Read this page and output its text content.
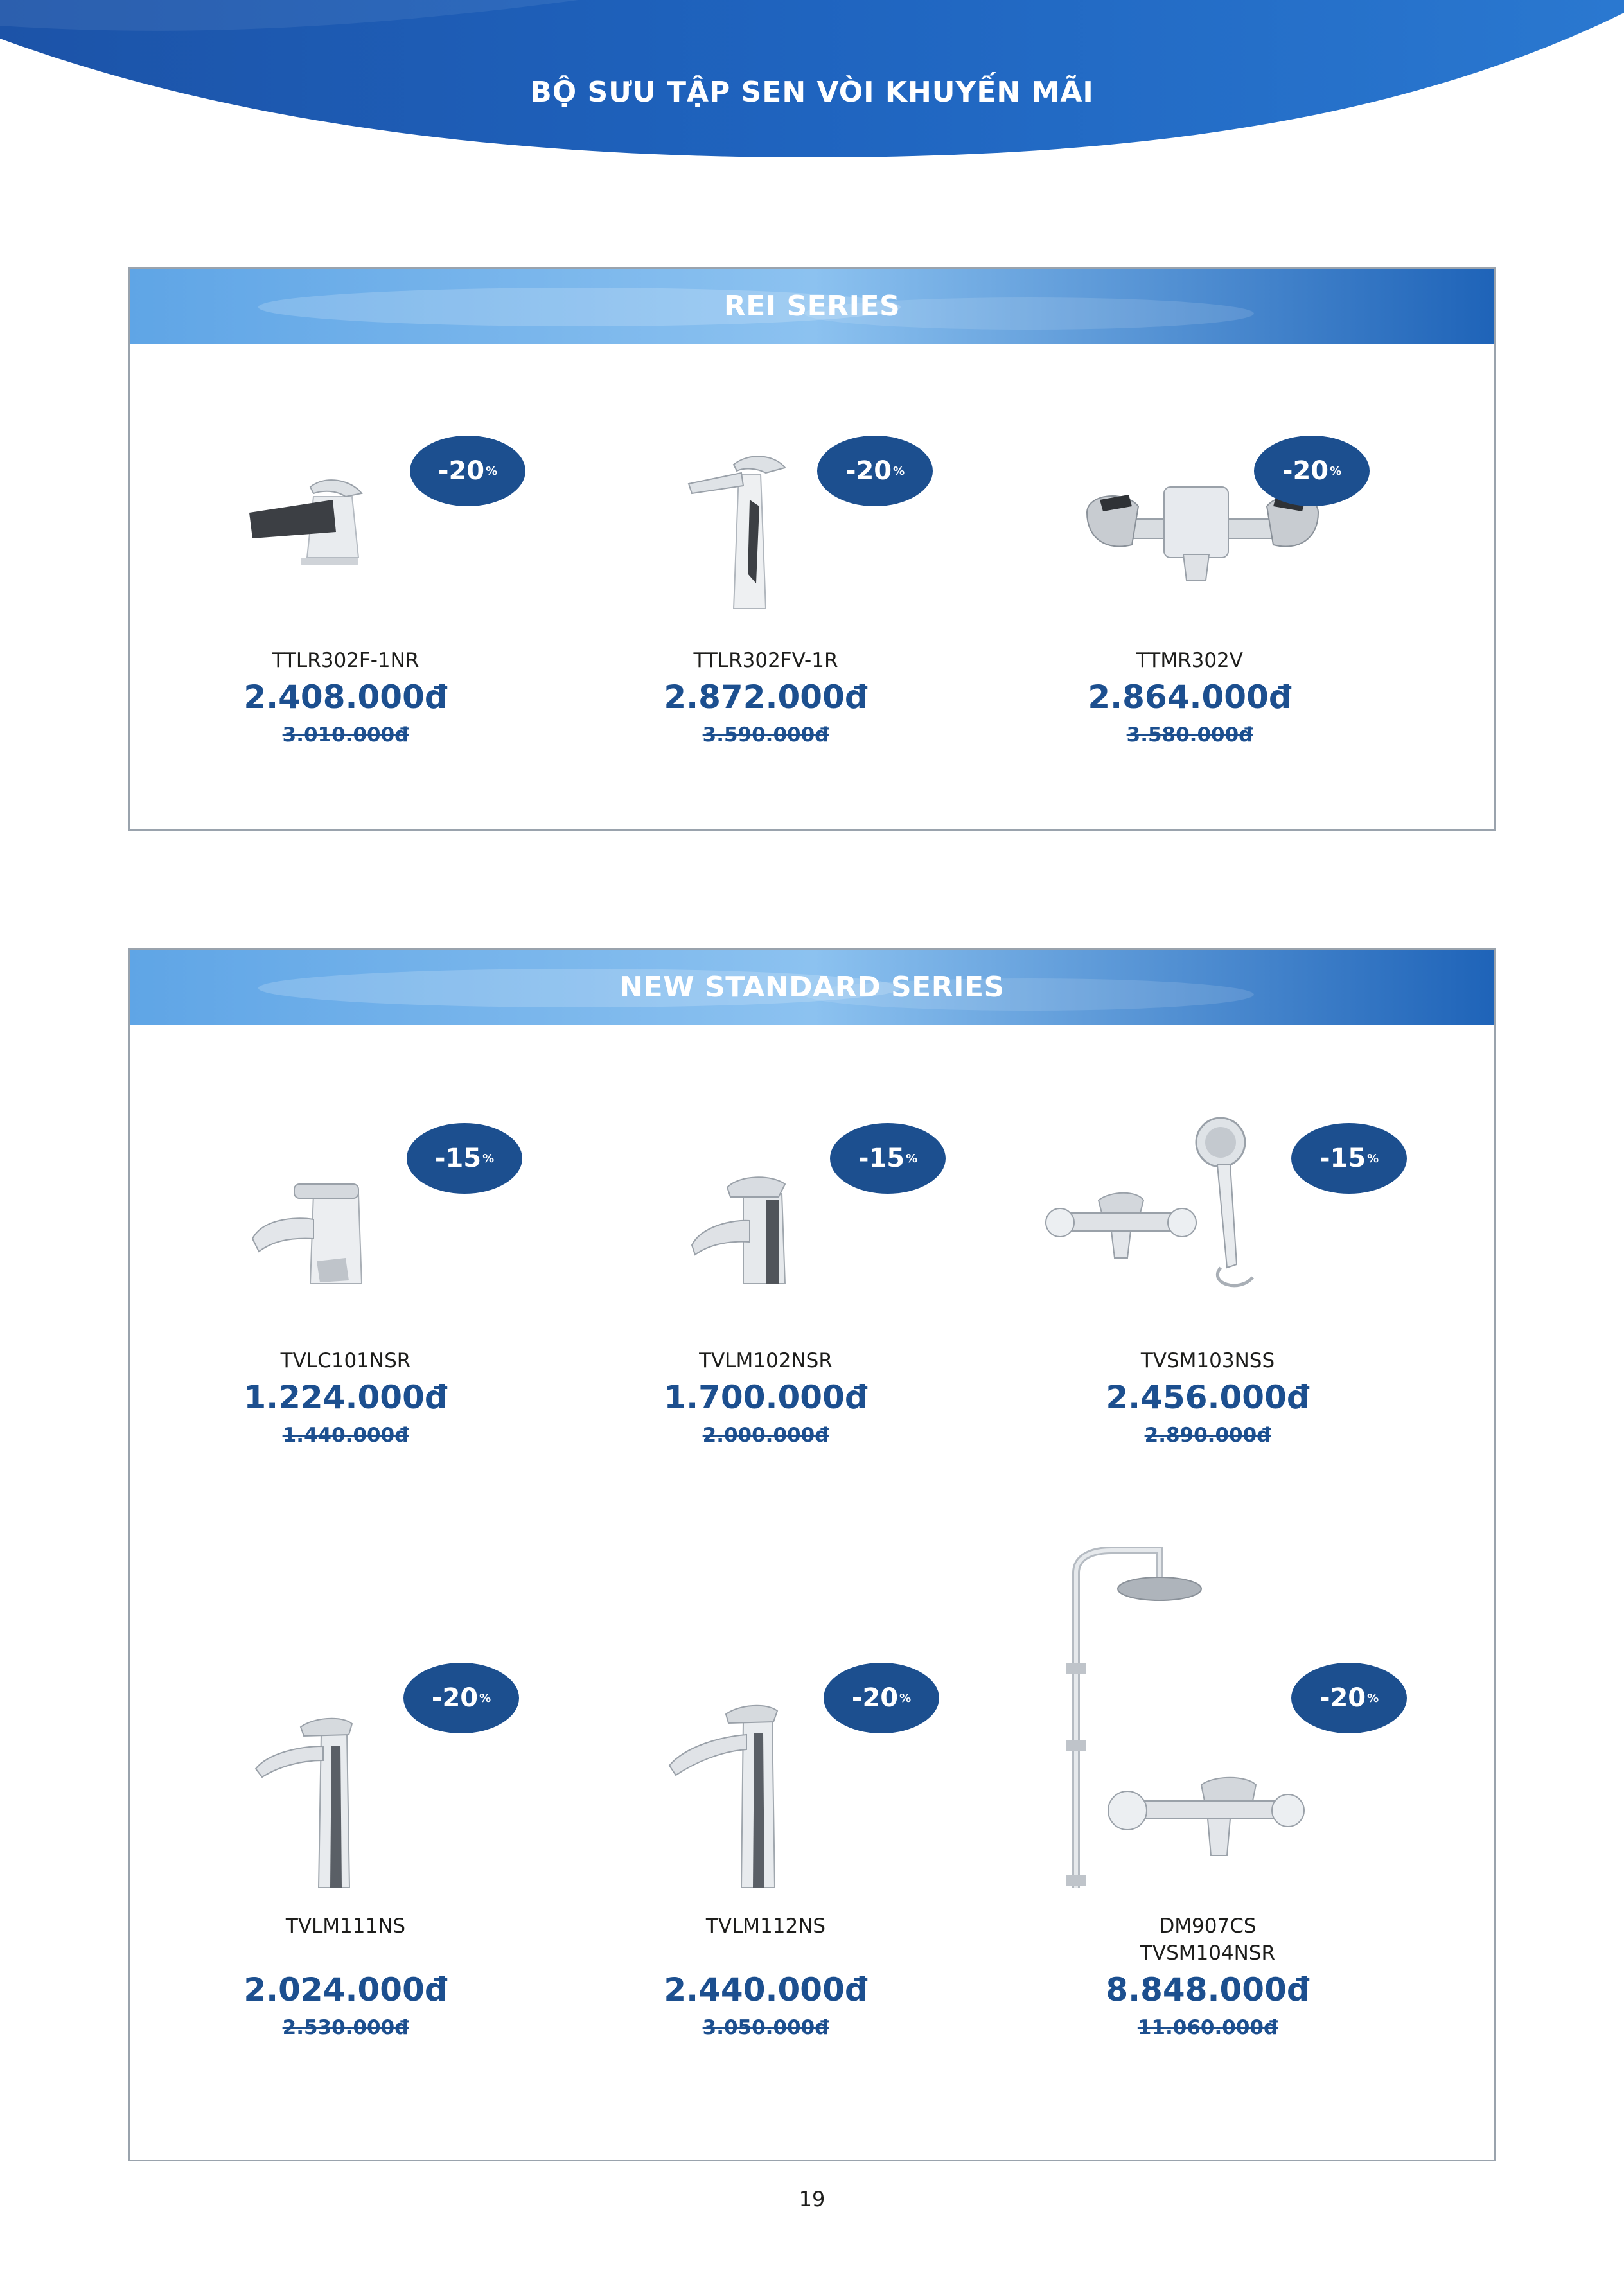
BỘ SƯU TẬP SEN VÒI KHUYẾN MÃI
REI SERIES
-20 %
TTLR302F-1NR
2.408.000đ
3.010.000đ
-20 %
TTLR302FV-1R
2.872.000đ
3.590.000đ
-20 %
TTMR302V
2.864.000đ
3.580.000đ
NEW STANDARD SERIES
-15 %
TVLC101NSR
1.224.000đ
1.440.000đ
-15 %
TVLM102NSR
1.700.000đ
2.000.000đ
-15 %
TVSM103NSS
2.456.000đ
2.890.000đ
-20 %
TVLM111NS
2.024.000đ
2.530.000đ
-20 %
TVLM112NS
2.440.000đ
3.050.000đ
-20 %
DM907CS
TVSM104NSR
8.848.000đ
11.060.000đ
19
